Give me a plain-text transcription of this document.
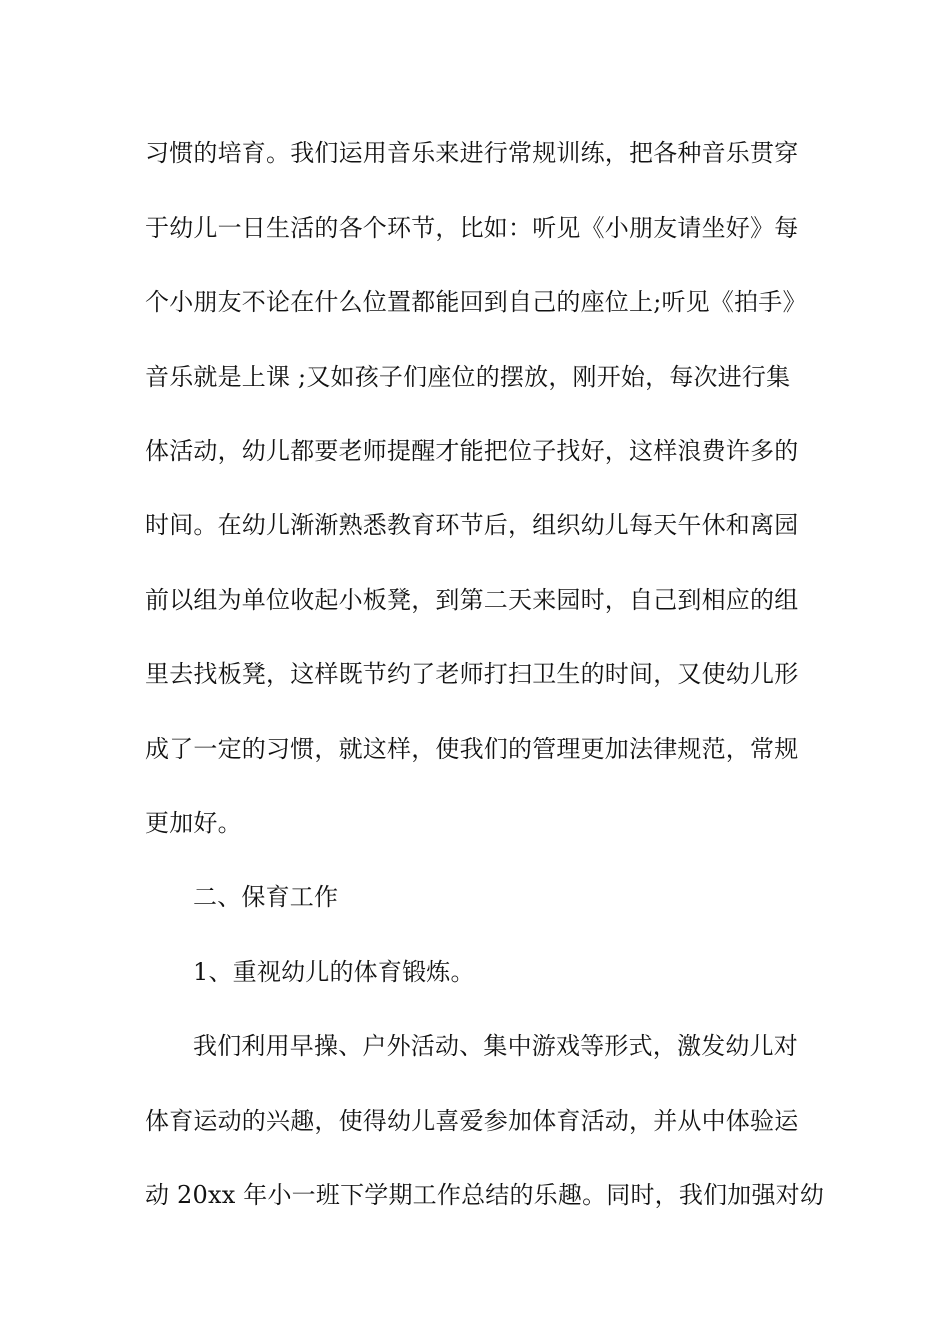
习惯的培育。我们运用音乐来进行常规训练，把各种音乐贯穿
于幼儿一日生活的各个环节，比如：听见《小朋友请坐好》每
个小朋友不论在什么位置都能回到自己的座位上;听见《拍手》
音乐就是上课 ;又如孩子们座位的摆放，刚开始，每次进行集
体活动，幼儿都要老师提醒才能把位子找好，这样浪费许多的
时间。在幼儿渐渐熟悉教育环节后，组织幼儿每天午休和离园
前以组为单位收起小板凳，到第二天来园时，自己到相应的组
里去找板凳，这样既节约了老师打扫卫生的时间，又使幼儿形
成了一定的习惯，就这样，使我们的管理更加法律规范，常规
更加好。
二、保育工作
1、重视幼儿的体育锻炼。
我们利用早操、户外活动、集中游戏等形式，激发幼儿对
体育运动的兴趣，使得幼儿喜爱参加体育活动，并从中体验运
动 20xx 年小一班下学期工作总结的乐趣。同时，我们加强对幼
